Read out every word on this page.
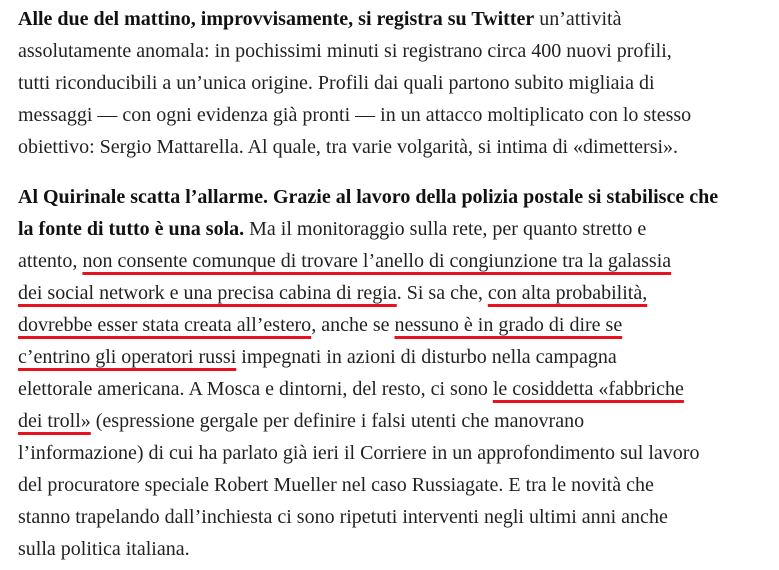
Alle due del mattino, improvvisamente, si registra su Twitter un’attività
assolutamente anomala: in pochissimi minuti si registrano circa 400 nuovi profili,
tutti riconducibili a un’unica origine. Profili dai quali partono subito migliaia di
messaggi — con ogni evidenza già pronti — in un attacco moltiplicato con lo stesso
obiettivo: Sergio Mattarella. Al quale, tra varie volgarità, si intima di «dimettersi».
Al Quirinale scatta l’allarme. Grazie al lavoro della polizia postale si stabilisce che
la fonte di tutto è una sola. Ma il monitoraggio sulla rete, per quanto stretto e
attento, non consente comunque di trovare l’anello di congiunzione tra la galassia
dei social network e una precisa cabina di regia. Si sa che, con alta probabilità,
dovrebbe esser stata creata all’estero, anche se nessuno è in grado di dire se
c’entrino gli operatori russi impegnati in azioni di disturbo nella campagna
elettorale americana. A Mosca e dintorni, del resto, ci sono le cosiddetta «fabbriche
dei troll» (espressione gergale per definire i falsi utenti che manovrano
l’informazione) di cui ha parlato già ieri il Corriere in un approfondimento sul lavoro
del procuratore speciale Robert Mueller nel caso Russiagate. E tra le novità che
stanno trapelando dall’inchiesta ci sono ripetuti interventi negli ultimi anni anche
sulla politica italiana.
